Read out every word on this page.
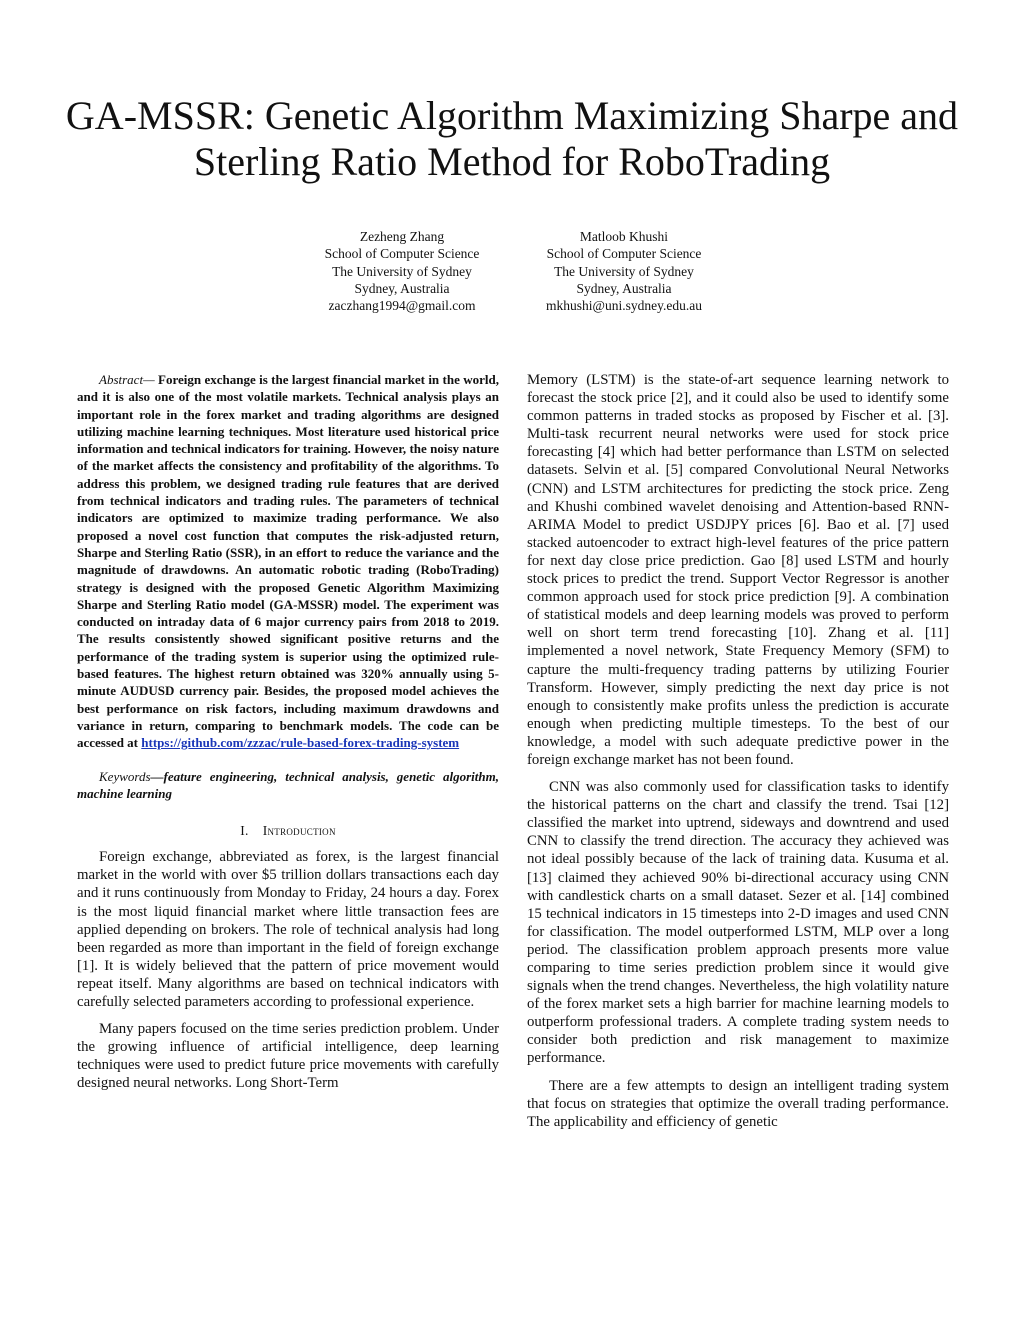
GA-MSSR: Genetic Algorithm Maximizing Sharpe and Sterling Ratio Method for RoboTrading
Zezheng Zhang
School of Computer Science
The University of Sydney
Sydney, Australia
zaczhang1994@gmail.com
Matloob Khushi
School of Computer Science
The University of Sydney
Sydney, Australia
mkhushi@uni.sydney.edu.au

Abstract— Foreign exchange is the largest financial market in the world, and it is also one of the most volatile markets. Technical analysis plays an important role in the forex market and trading algorithms are designed utilizing machine learning techniques. Most literature used historical price information and technical indicators for training. However, the noisy nature of the market affects the consistency and profitability of the algorithms. To address this problem, we designed trading rule features that are derived from technical indicators and trading rules. The parameters of technical indicators are optimized to maximize trading performance. We also proposed a novel cost function that computes the risk-adjusted return, Sharpe and Sterling Ratio (SSR), in an effort to reduce the variance and the magnitude of drawdowns. An automatic robotic trading (RoboTrading) strategy is designed with the proposed Genetic Algorithm Maximizing Sharpe and Sterling Ratio model (GA-MSSR) model. The experiment was conducted on intraday data of 6 major currency pairs from 2018 to 2019. The results consistently showed significant positive returns and the performance of the trading system is superior using the optimized rule-based features. The highest return obtained was 320% annually using 5-minute AUDUSD currency pair. Besides, the proposed model achieves the best performance on risk factors, including maximum drawdowns and variance in return, comparing to benchmark models. The code can be accessed at https://github.com/zzzac/rule-based-forex-trading-system

Keywords—feature engineering, technical analysis, genetic algorithm, machine learning

I. Introduction

Foreign exchange, abbreviated as forex, is the largest financial market in the world with over $5 trillion dollars transactions each day and it runs continuously from Monday to Friday, 24 hours a day. Forex is the most liquid financial market where little transaction fees are applied depending on brokers. The role of technical analysis had long been regarded as more than important in the field of foreign exchange [1]. It is widely believed that the pattern of price movement would repeat itself. Many algorithms are based on technical indicators with carefully selected parameters according to professional experience.

Many papers focused on the time series prediction problem. Under the growing influence of artificial intelligence, deep learning techniques were used to predict future price movements with carefully designed neural networks. Long Short-Term

Memory (LSTM) is the state-of-art sequence learning network to forecast the stock price [2], and it could also be used to identify some common patterns in traded stocks as proposed by Fischer et al. [3]. Multi-task recurrent neural networks were used for stock price forecasting [4] which had better performance than LSTM on selected datasets. Selvin et al. [5] compared Convolutional Neural Networks (CNN) and LSTM architectures for predicting the stock price. Zeng and Khushi combined wavelet denoising and Attention-based RNN-ARIMA Model to predict USDJPY prices [6]. Bao et al. [7] used stacked autoencoder to extract high-level features of the price pattern for next day close price prediction. Gao [8] used LSTM and hourly stock prices to predict the trend. Support Vector Regressor is another common approach used for stock price prediction [9]. A combination of statistical models and deep learning models was proved to perform well on short term trend forecasting [10]. Zhang et al. [11] implemented a novel network, State Frequency Memory (SFM) to capture the multi-frequency trading patterns by utilizing Fourier Transform. However, simply predicting the next day price is not enough to consistently make profits unless the prediction is accurate enough when predicting multiple timesteps. To the best of our knowledge, a model with such adequate predictive power in the foreign exchange market has not been found.

CNN was also commonly used for classification tasks to identify the historical patterns on the chart and classify the trend. Tsai [12] classified the market into uptrend, sideways and downtrend and used CNN to classify the trend direction. The accuracy they achieved was not ideal possibly because of the lack of training data. Kusuma et al. [13] claimed they achieved 90% bi-directional accuracy using CNN with candlestick charts on a small dataset. Sezer et al. [14] combined 15 technical indicators in 15 timesteps into 2-D images and used CNN for classification. The model outperformed LSTM, MLP over a long period. The classification problem approach presents more value comparing to time series prediction problem since it would give signals when the trend changes. Nevertheless, the high volatility nature of the forex market sets a high barrier for machine learning models to outperform professional traders. A complete trading system needs to consider both prediction and risk management to maximize performance.

There are a few attempts to design an intelligent trading system that focus on strategies that optimize the overall trading performance. The applicability and efficiency of genetic
